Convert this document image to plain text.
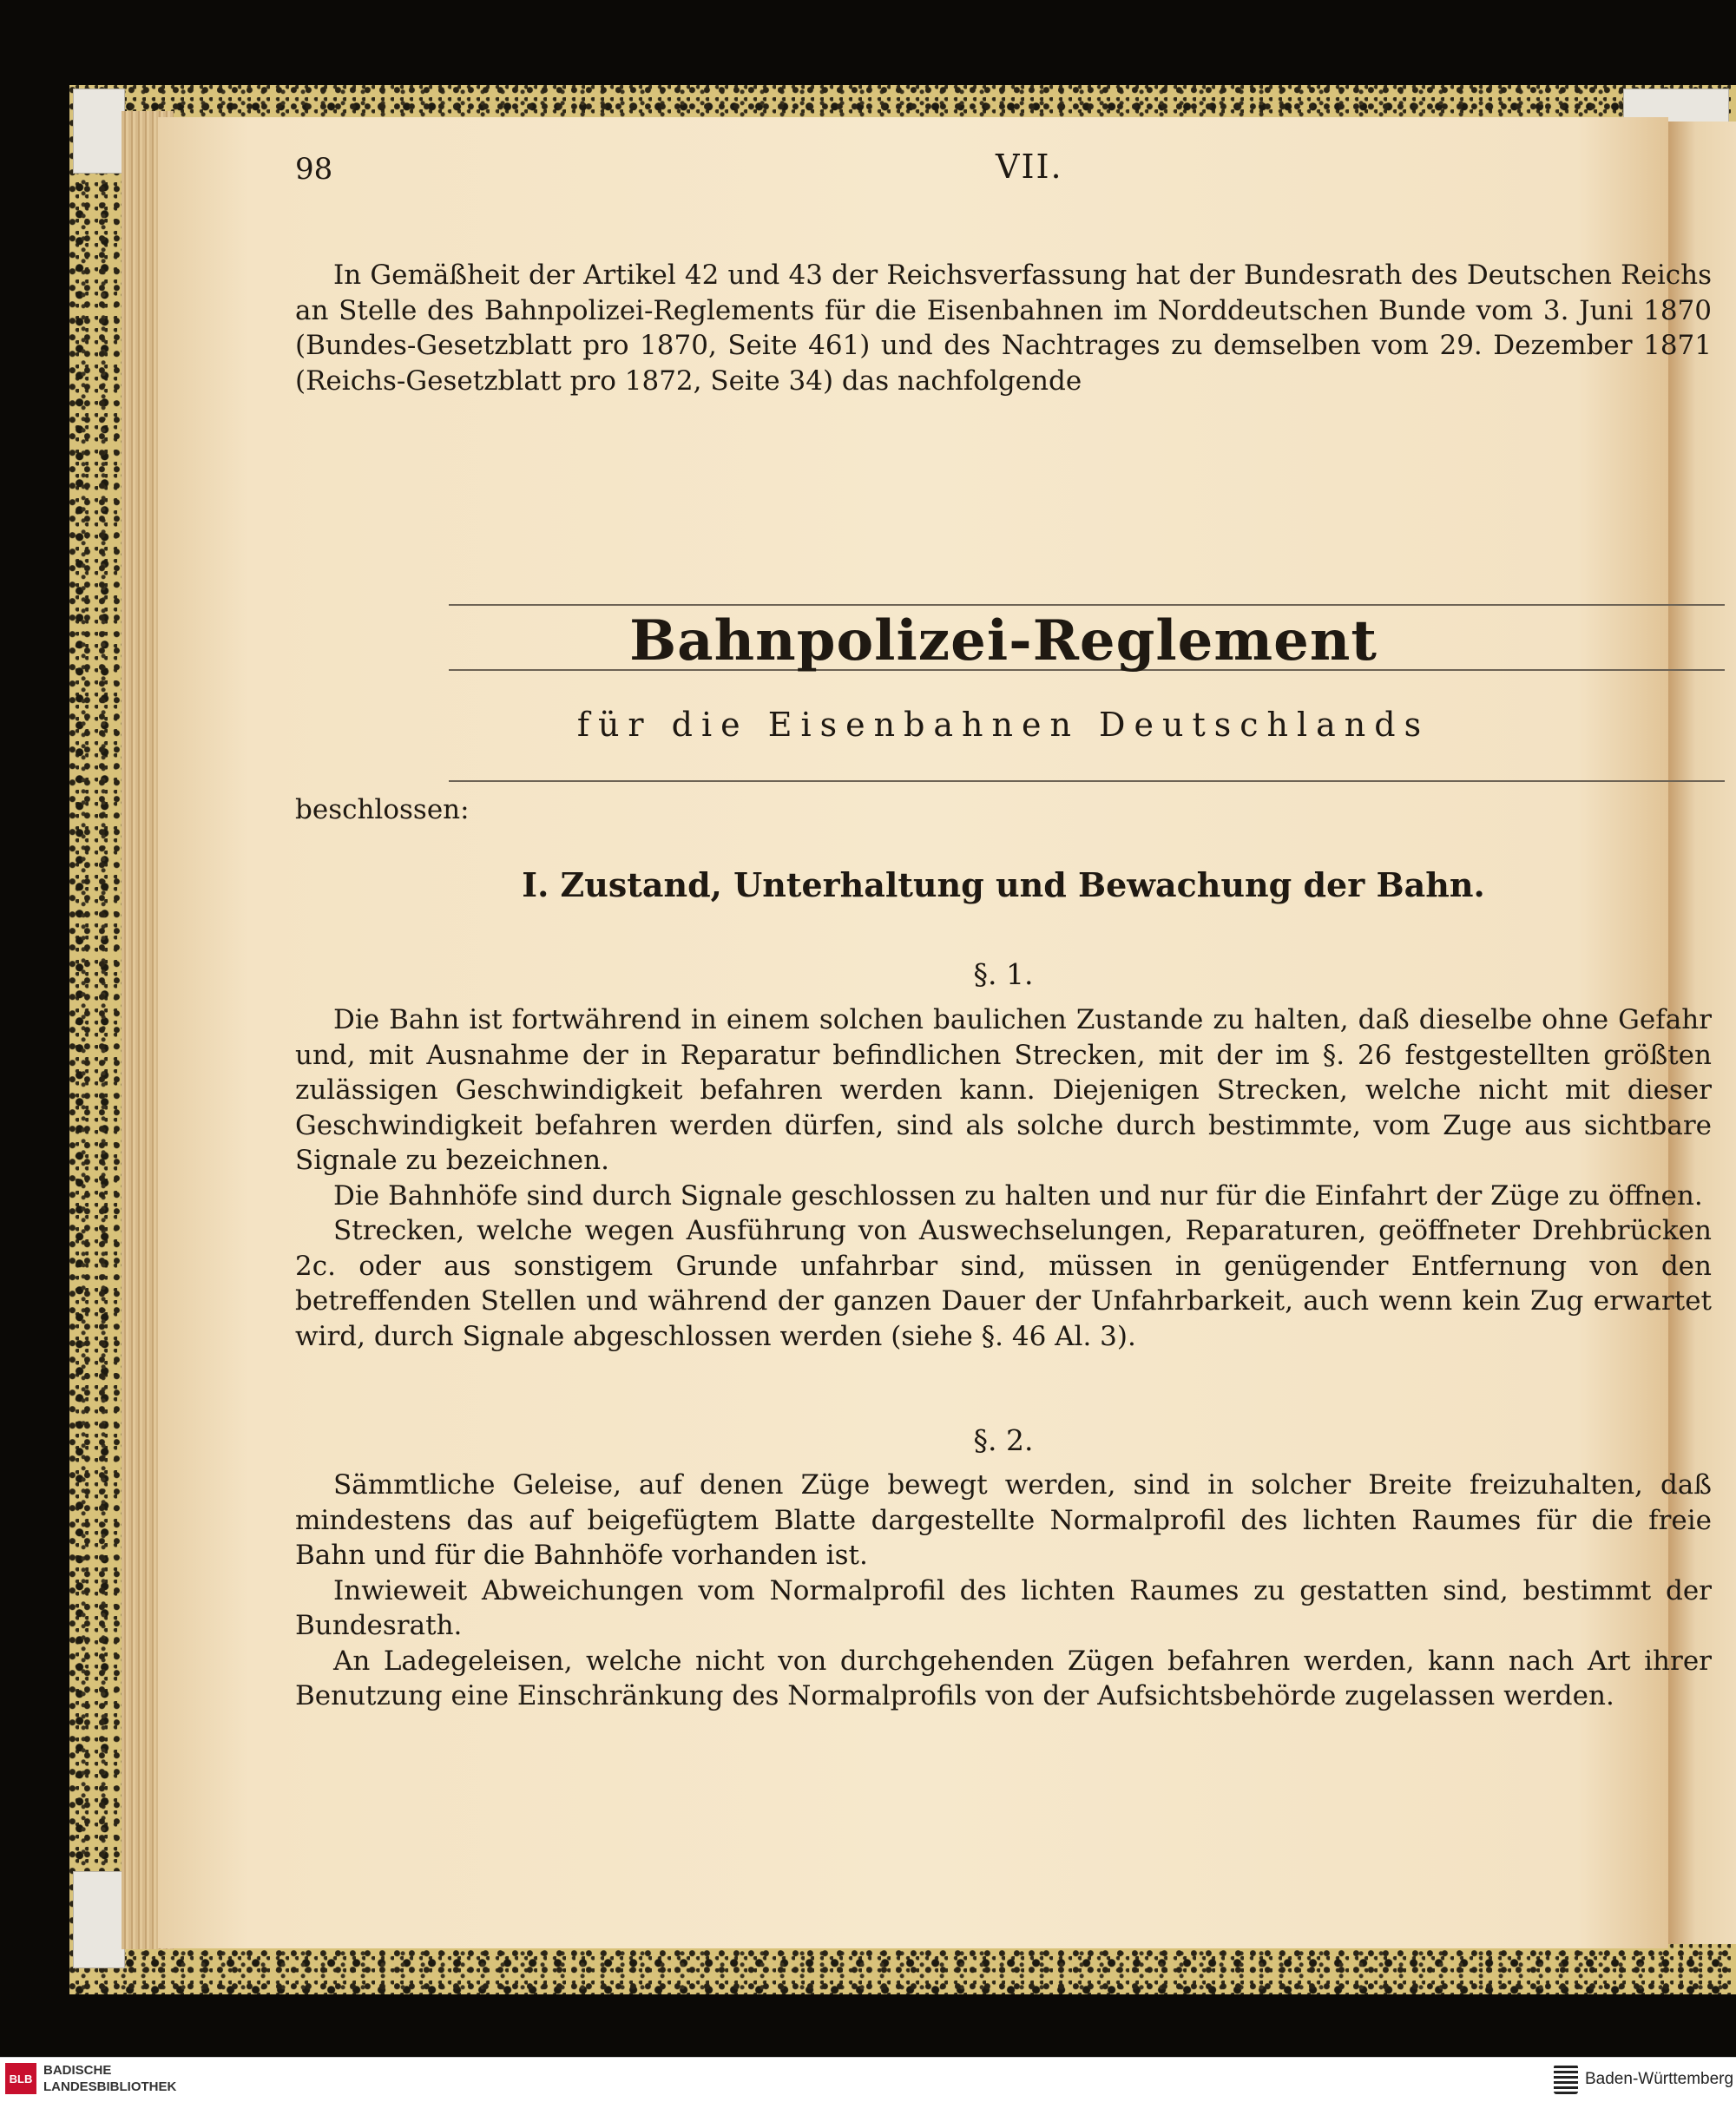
98	VII.

In Gemäßheit der Artikel 42 und 43 der Reichsverfassung hat der Bundesrath des Deutschen Reichs an Stelle des Bahnpolizei-Reglements für die Eisenbahnen im Norddeutschen Bunde vom 3. Juni 1870 (Bundes-Gesetzblatt pro 1870, Seite 461) und des Nachtrages zu demselben vom 29. Dezember 1871 (Reichs-Gesetzblatt pro 1872, Seite 34) das nachfolgende

Bahnpolizei-Reglement
für die Eisenbahnen Deutschlands
beschlossen:
I. Zustand, Unterhaltung und Bewachung der Bahn.
§. 1.

Die Bahn ist fortwährend in einem solchen baulichen Zustande zu halten, daß dieselbe ohne Gefahr und, mit Ausnahme der in Reparatur befindlichen Strecken, mit der im §. 26 festgestellten größten zulässigen Geschwindigkeit befahren werden kann. Diejenigen Strecken, welche nicht mit dieser Geschwindigkeit befahren werden dürfen, sind als solche durch bestimmte, vom Zuge aus sichtbare Signale zu bezeichnen.

Die Bahnhöfe sind durch Signale geschlossen zu halten und nur für die Einfahrt der Züge zu öffnen.

Strecken, welche wegen Ausführung von Auswechselungen, Reparaturen, geöffneter Drehbrücken 2c. oder aus sonstigem Grunde unfahrbar sind, müssen in genügender Entfernung von den betreffenden Stellen und während der ganzen Dauer der Unfahrbarkeit, auch wenn kein Zug erwartet wird, durch Signale abgeschlossen werden (siehe §. 46 Al. 3).

§. 2.

Sämmtliche Geleise, auf denen Züge bewegt werden, sind in solcher Breite freizuhalten, daß mindestens das auf beigefügtem Blatte dargestellte Normalprofil des lichten Raumes für die freie Bahn und für die Bahnhöfe vorhanden ist.

Inwieweit Abweichungen vom Normalprofil des lichten Raumes zu gestatten sind, bestimmt der Bundesrath.

An Ladegeleisen, welche nicht von durchgehenden Zügen befahren werden, kann nach Art ihrer Benutzung eine Einschränkung des Normalprofils von der Aufsichtsbehörde zugelassen werden.

BLB
BADISCHE
LANDESBIBLIOTHEK	Baden-Württemberg
